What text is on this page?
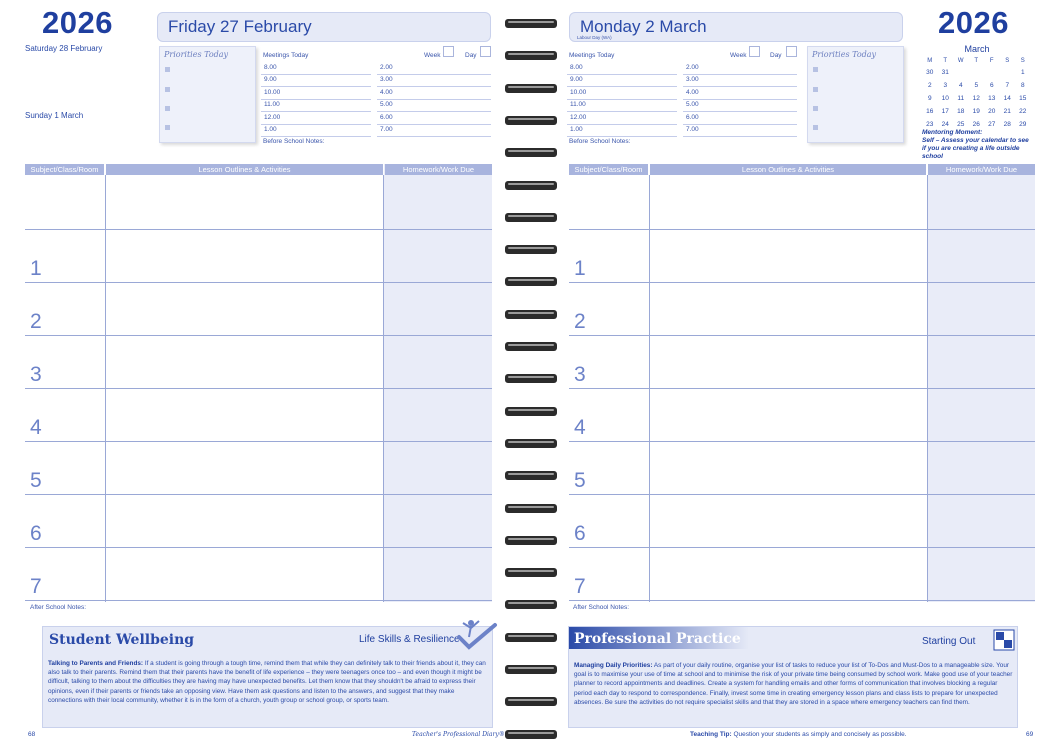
2026
Saturday 28 February
Sunday 1 March
Friday 27 February
Priorities Today	Meetings Today	Week	Day
8.00	2.00
9.00	3.00
10.00	4.00
11.00	5.00
12.00	6.00
1.00	7.00
Before School Notes:
Subject/Class/Room	Lesson Outlines & Activities	Homework/Work Due
1
2
3
4
5
6
7
After School Notes:
Student Wellbeing	Life Skills & Resilience
Talking to Parents and Friends: If a student is going through a tough time, remind them that while they can definitely talk to their friends about it, they can also talk to their parents. Remind them that their parents have the benefit of life experience – they were teenagers once too – and even though it might be difficult, talking to them about the difficulties they are having may have unexpected benefits. Let them know that they shouldn't be afraid to express their opinions, even if their parents or friends take an opposing view. Have them ask questions and listen to the answers, and suggest that they make connections with their local community, whether it is in the form of a church, youth group or school group, or sports team.
68	Teacher's Professional Diary®
Monday 2 March
Labour Day (WA)
Meetings Today	Week	Day
8.00	2.00
9.00	3.00
10.00	4.00
11.00	5.00
12.00	6.00
1.00	7.00
Before School Notes:
Priorities Today
2026
March
M	T	W	T	F	S	S
30	31					1
2	3	4	5	6	7	8
9	10	11	12	13	14	15
16	17	18	19	20	21	22
23	24	25	26	27	28	29
Mentoring Moment:
Self – Assess your calendar to see if you are creating a life outside school
Subject/Class/Room	Lesson Outlines & Activities	Homework/Work Due
1
2
3
4
5
6
7
After School Notes:
Professional Practice	Starting Out
Managing Daily Priorities: As part of your daily routine, organise your list of tasks to reduce your list of To-Dos and Must-Dos to a manageable size. Your goal is to maximise your use of time at school and to minimise the risk of your private time being consumed by school work. Make good use of your teacher planner to record appointments and deadlines. Create a system for handling emails and other forms of communication that involves blocking a regular period each day to respond to correspondence. Finally, invest some time in creating emergency lesson plans and class lists to prepare for unexpected absences. Be sure the activities do not require specialist skills and that they are stored in a space where emergency teachers can find them.
Teaching Tip: Question your students as simply and concisely as possible.	69
